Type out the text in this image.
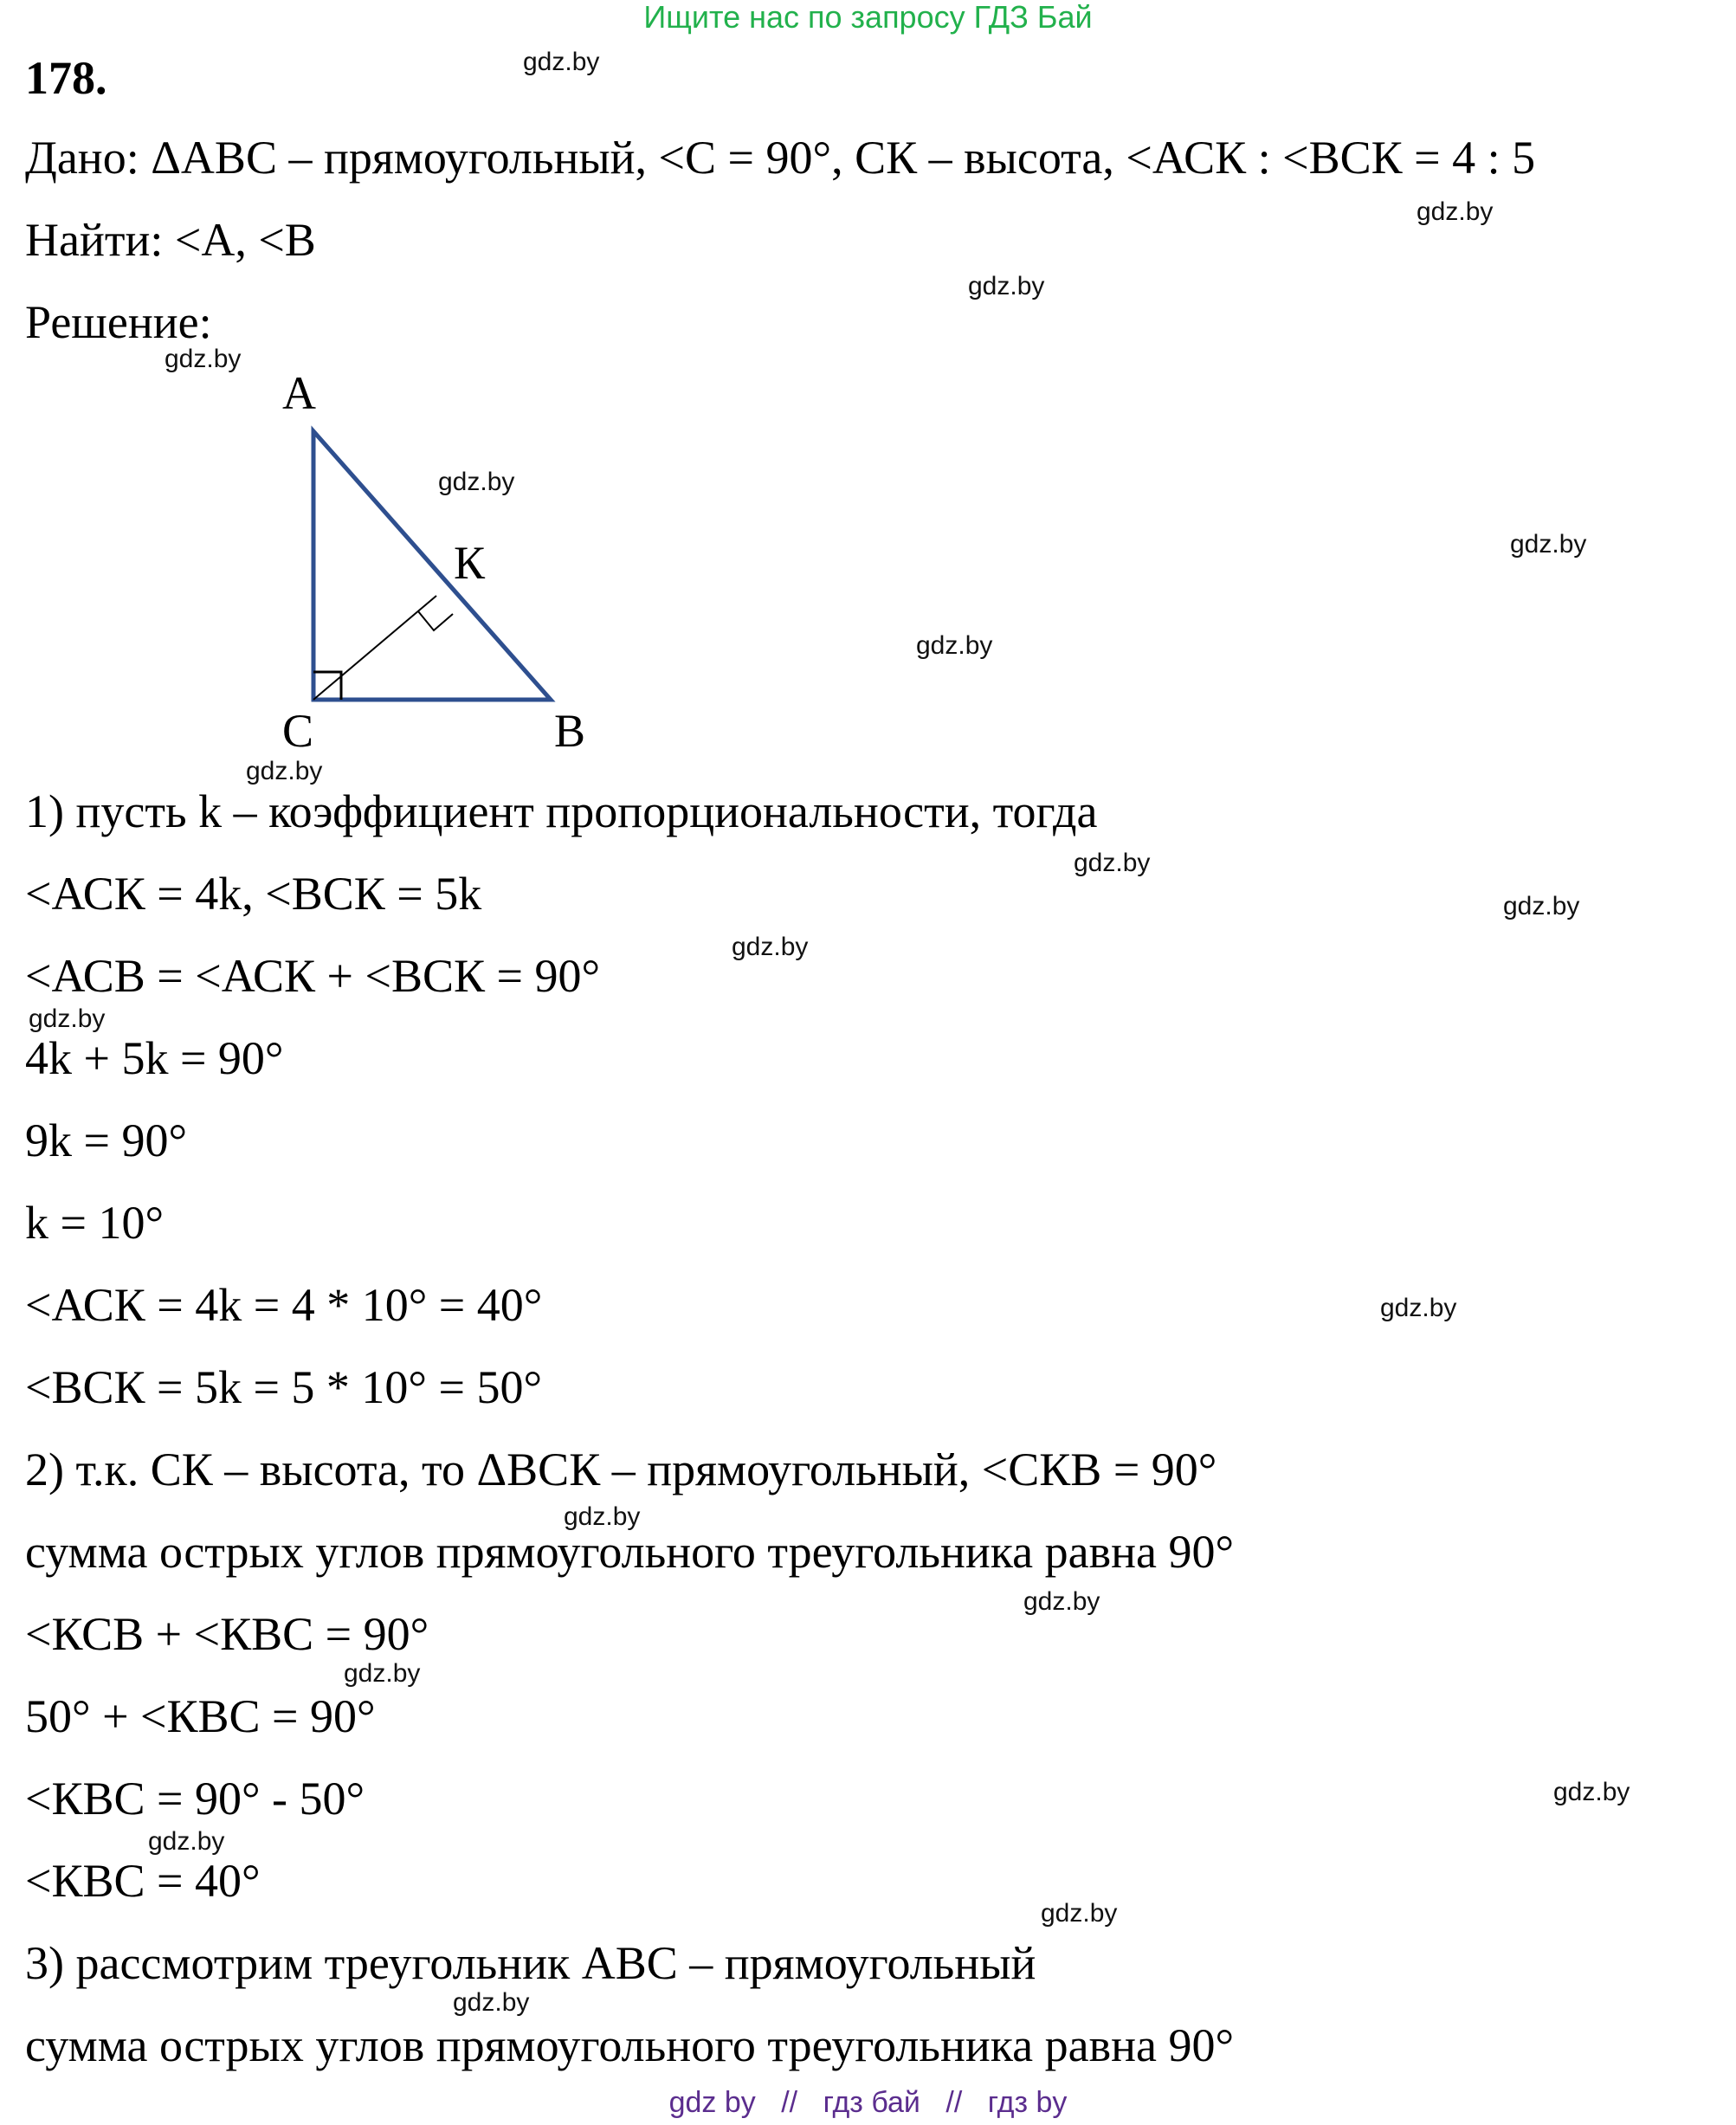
Ищите нас по запросу ГДЗ Бай
178.
Дано: ΔАВС – прямоугольный, <С = 90°, СК – высота, <АСК : <ВСК = 4 : 5
Найти: <А, <В
Решение:
А
К
С	В
1) пусть k – коэффициент пропорциональности, тогда
<АСК = 4k, <ВСК = 5k
<АСВ = <АСК + <ВСК = 90°
4k + 5k = 90°
9k = 90°
k = 10°
<АСК = 4k = 4 * 10° = 40°
<ВСК = 5k = 5 * 10° = 50°
2) т.к. СК – высота, то ΔВСК – прямоугольный, <СКВ = 90°
сумма острых углов прямоугольного треугольника равна 90°
<КСВ + <КВС = 90°
50° + <КВС = 90°
<КВС = 90° - 50°
<КВС = 40°
3) рассмотрим треугольник АВС – прямоугольный
сумма острых углов прямоугольного треугольника равна 90°
gdz.by
gdz.by
gdz.by
gdz.by
gdz.by
gdz.by
gdz.by
gdz.by
gdz.by
gdz.by
gdz.by
gdz.by
gdz.by
gdz.by
gdz.by
gdz.by
gdz.by
gdz.by
gdz.by
gdz.by
gdz by // гдз бай // гдз by
